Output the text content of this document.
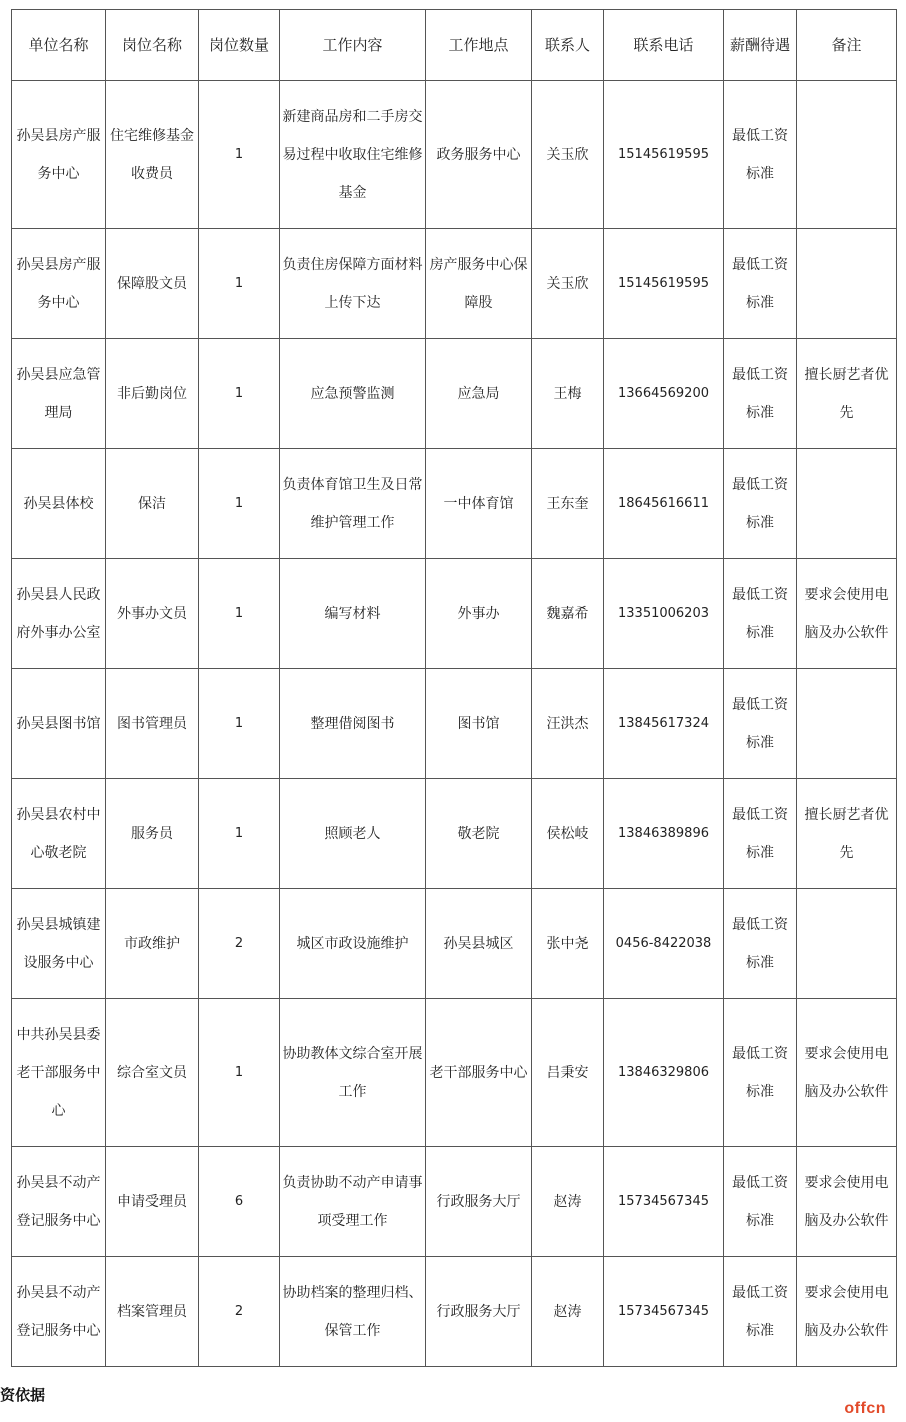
单位名称	岗位名称	岗位数量	工作内容	工作地点	联系人	联系电话	薪酬待遇	备注
孙吴县房产服务中心	住宅维修基金收费员	1	新建商品房和二手房交易过程中收取住宅维修基金	政务服务中心	关玉欣	15145619595	最低工资标准	
孙吴县房产服务中心	保障股文员	1	负责住房保障方面材料上传下达	房产服务中心保障股	关玉欣	15145619595	最低工资标准	
孙吴县应急管理局	非后勤岗位	1	应急预警监测	应急局	王梅	13664569200	最低工资标准	擅长厨艺者优先
孙吴县体校	保洁	1	负责体育馆卫生及日常维护管理工作	一中体育馆	王东奎	18645616611	最低工资标准	
孙吴县人民政府外事办公室	外事办文员	1	编写材料	外事办	魏嘉希	13351006203	最低工资标准	要求会使用电脑及办公软件
孙吴县图书馆	图书管理员	1	整理借阅图书	图书馆	汪洪杰	13845617324	最低工资标准	
孙吴县农村中心敬老院	服务员	1	照顾老人	敬老院	侯松岐	13846389896	最低工资标准	擅长厨艺者优先
孙吴县城镇建设服务中心	市政维护	2	城区市政设施维护	孙吴县城区	张中尧	0456-8422038	最低工资标准	
中共孙吴县委老干部服务中心	综合室文员	1	协助教体文综合室开展工作	老干部服务中心	吕秉安	13846329806	最低工资标准	要求会使用电脑及办公软件
孙吴县不动产登记服务中心	申请受理员	6	负责协助不动产申请事项受理工作	行政服务大厅	赵涛	15734567345	最低工资标准	要求会使用电脑及办公软件
孙吴县不动产登记服务中心	档案管理员	2	协助档案的整理归档、保管工作	行政服务大厅	赵涛	15734567345	最低工资标准	要求会使用电脑及办公软件

资依据

offcn
